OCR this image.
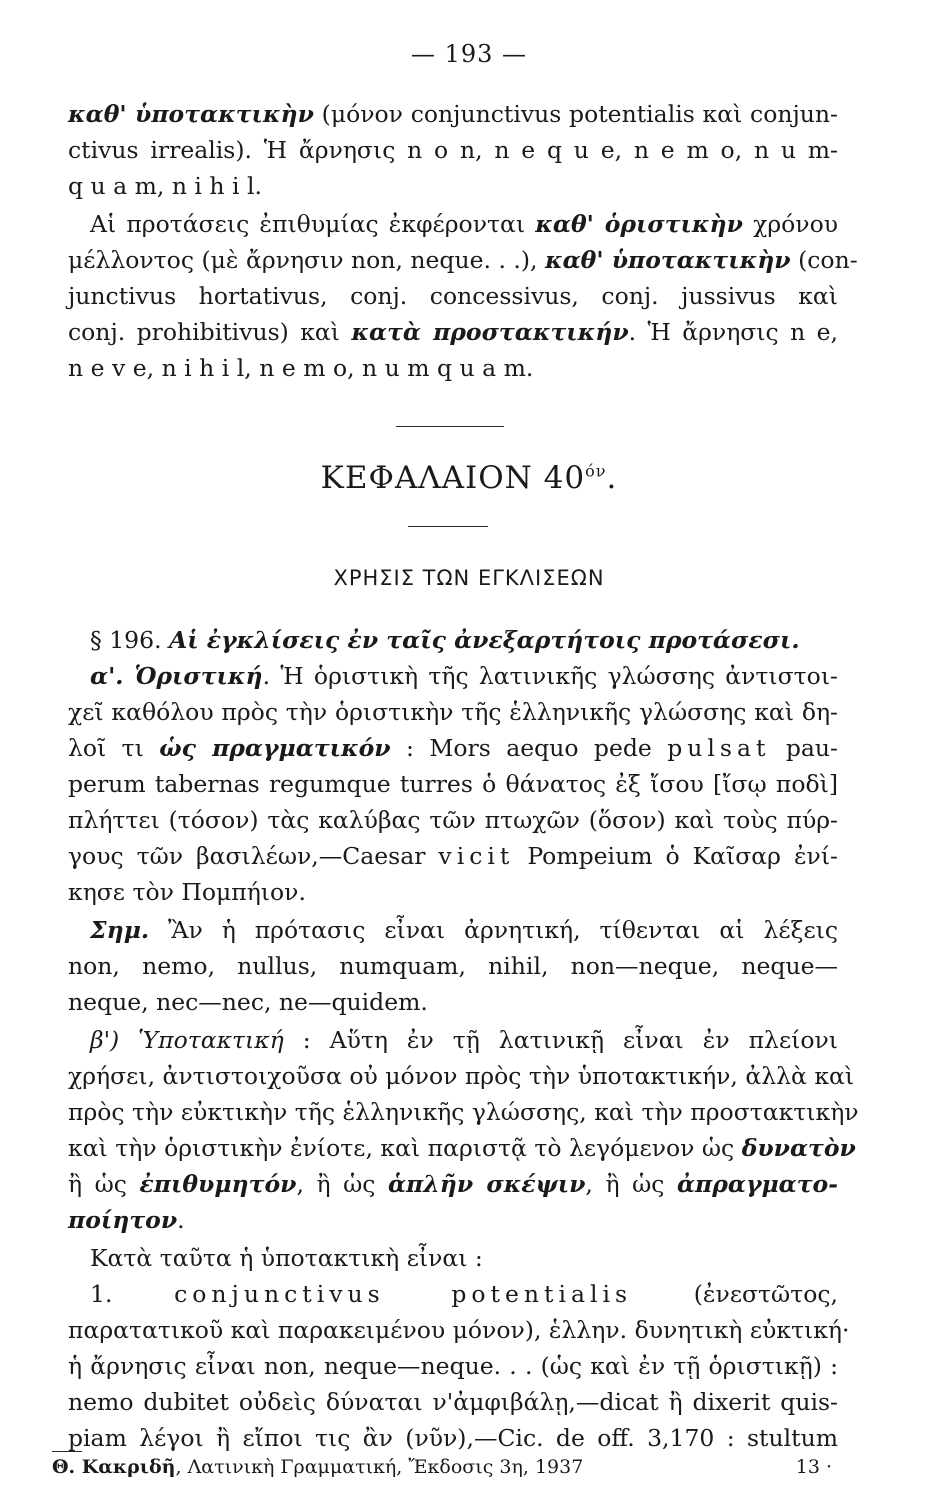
— 193 —
καθ' ὑποτακτικὴν (μόνον conjunctivus potentialis καὶ conjun-
ctivus irrealis). Ἡ ἄρνησις n o n, n e q u e, n e m o, n u m-
q u a m, n i h i l.
Αἱ προτάσεις ἐπιθυμίας ἐκφέρονται καθ' ὁριστικὴν χρόνου
μέλλοντος (μὲ ἄρνησιν non, neque. . .), καθ' ὑποτακτικὴν (con-
junctivus hortativus, conj. concessivus, conj. jussivus καὶ
conj. prohibitivus) καὶ κατὰ προστακτικήν. Ἡ ἄρνησις n e,
n e v e, n i h i l, n e m o, n u m q u a m.
ΚΕΦΑΛΑΙΟΝ $40^{ό\nu}$.
ΧΡΗΣΙΣ ΤΩΝ ΕΓΚΛΙΣΕΩΝ
§ 196. Αἱ ἐγκλίσεις ἐν ταῖς ἀνεξαρτήτοις προτάσεσι.
α'. Ὁριστική. Ἡ ὁριστικὴ τῆς λατινικῆς γλώσσης ἀντιστοι-
χεῖ καθόλου πρὸς τὴν ὁριστικὴν τῆς ἑλληνικῆς γλώσσης καὶ δη-
λοῖ τι ὡς πραγματικόν : Mors aequo pede pulsat pau-
perum tabernas regumque turres ὁ θάνατος ἐξ ἴσου [ἴσῳ ποδὶ]
πλήττει (τόσον) τὰς καλύβας τῶν πτωχῶν (ὅσον) καὶ τοὺς πύρ-
γους τῶν βασιλέων,—Caesar vicit Pompeium ὁ Καῖσαρ ἐνί-
κησε τὸν Πομπήιον.
Σημ. Ἂν ἡ πρότασις εἶναι ἀρνητική, τίθενται αἱ λέξεις
non, nemo, nullus, numquam, nihil, non—neque, neque—
neque, nec—nec, ne—quidem.
β') Ὑποτακτική : Αὕτη ἐν τῇ λατινικῇ εἶναι ἐν πλείονι
χρήσει, ἀντιστοιχοῦσα οὐ μόνον πρὸς τὴν ὑποτακτικήν, ἀλλὰ καὶ
πρὸς τὴν εὐκτικὴν τῆς ἑλληνικῆς γλώσσης, καὶ τὴν προστακτικὴν
καὶ τὴν ὁριστικὴν ἐνίοτε, καὶ παριστᾷ τὸ λεγόμενον ὡς δυνατὸν
ἢ ὡς ἐπιθυμητόν, ἢ ὡς ἁπλῆν σκέψιν, ἢ ὡς ἀπραγματο-
ποίητον.
Κατὰ ταῦτα ἡ ὑποτακτικὴ εἶναι :
1. conjunctivus potentialis (ἐνεστῶτος,
παρατατικοῦ καὶ παρακειμένου μόνον), ἑλλην. δυνητικὴ εὐκτική·
ἡ ἄρνησις εἶναι non, neque—neque. . . (ὡς καὶ ἐν τῇ ὁριστικῇ) :
nemo dubitet οὐδεὶς δύναται ν'ἀμφιβάλῃ,—dicat ἢ dixerit quis-
piam λέγοι ἢ εἴποι τις ἂν (νῦν),—Cic. de off. 3,170 : stultum
Θ. Κακριδῆ, Λατινικὴ Γραμματική, Ἔκδοσις 3η, 1937	13 ·
